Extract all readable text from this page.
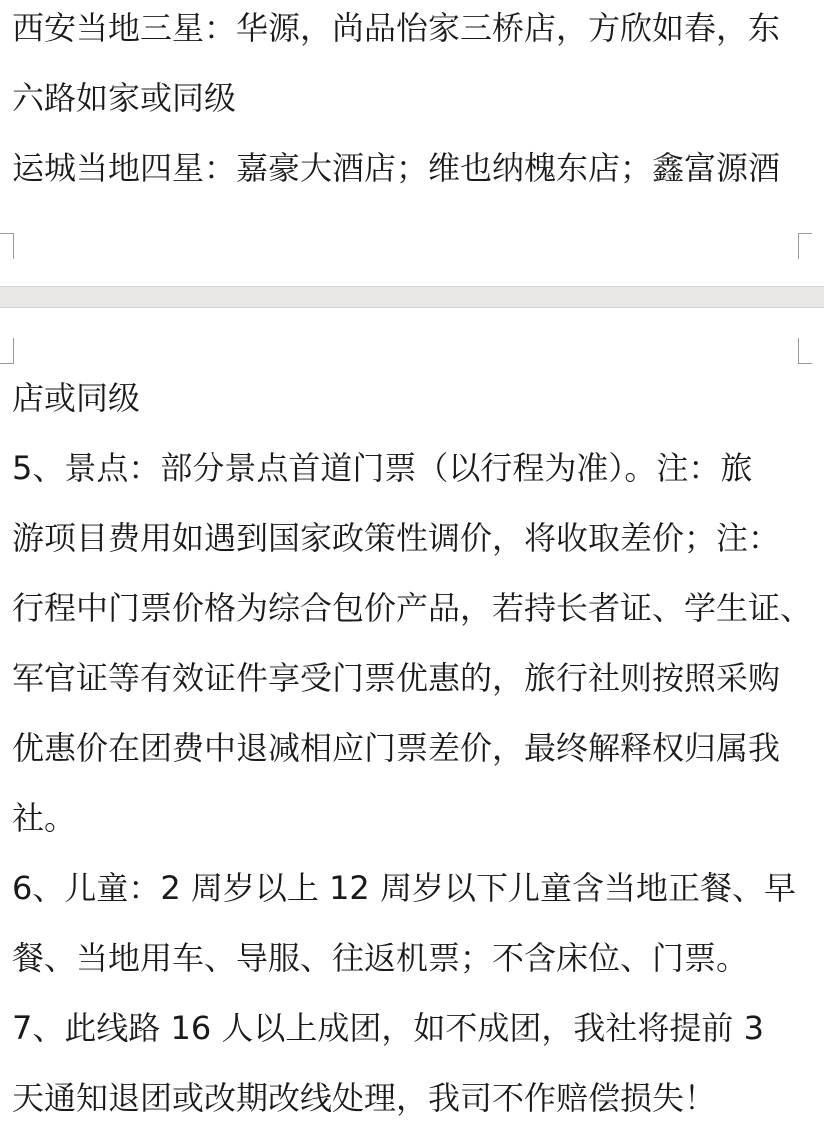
西安当地三星：华源，尚品怡家三桥店，方欣如春，东
六路如家或同级
运城当地四星：嘉豪大酒店；维也纳槐东店；鑫富源酒
店或同级
5、景点：部分景点首道门票（以行程为准）。注：旅
游项目费用如遇到国家政策性调价，将收取差价；注：
行程中门票价格为综合包价产品，若持长者证、学生证、
军官证等有效证件享受门票优惠的，旅行社则按照采购
优惠价在团费中退减相应门票差价，最终解释权归属我
社。
6、儿童：2 周岁以上 12 周岁以下儿童含当地正餐、早
餐、当地用车、导服、往返机票；不含床位、门票。
7、此线路 16 人以上成团，如不成团，我社将提前 3
天通知退团或改期改线处理，我司不作赔偿损失！
